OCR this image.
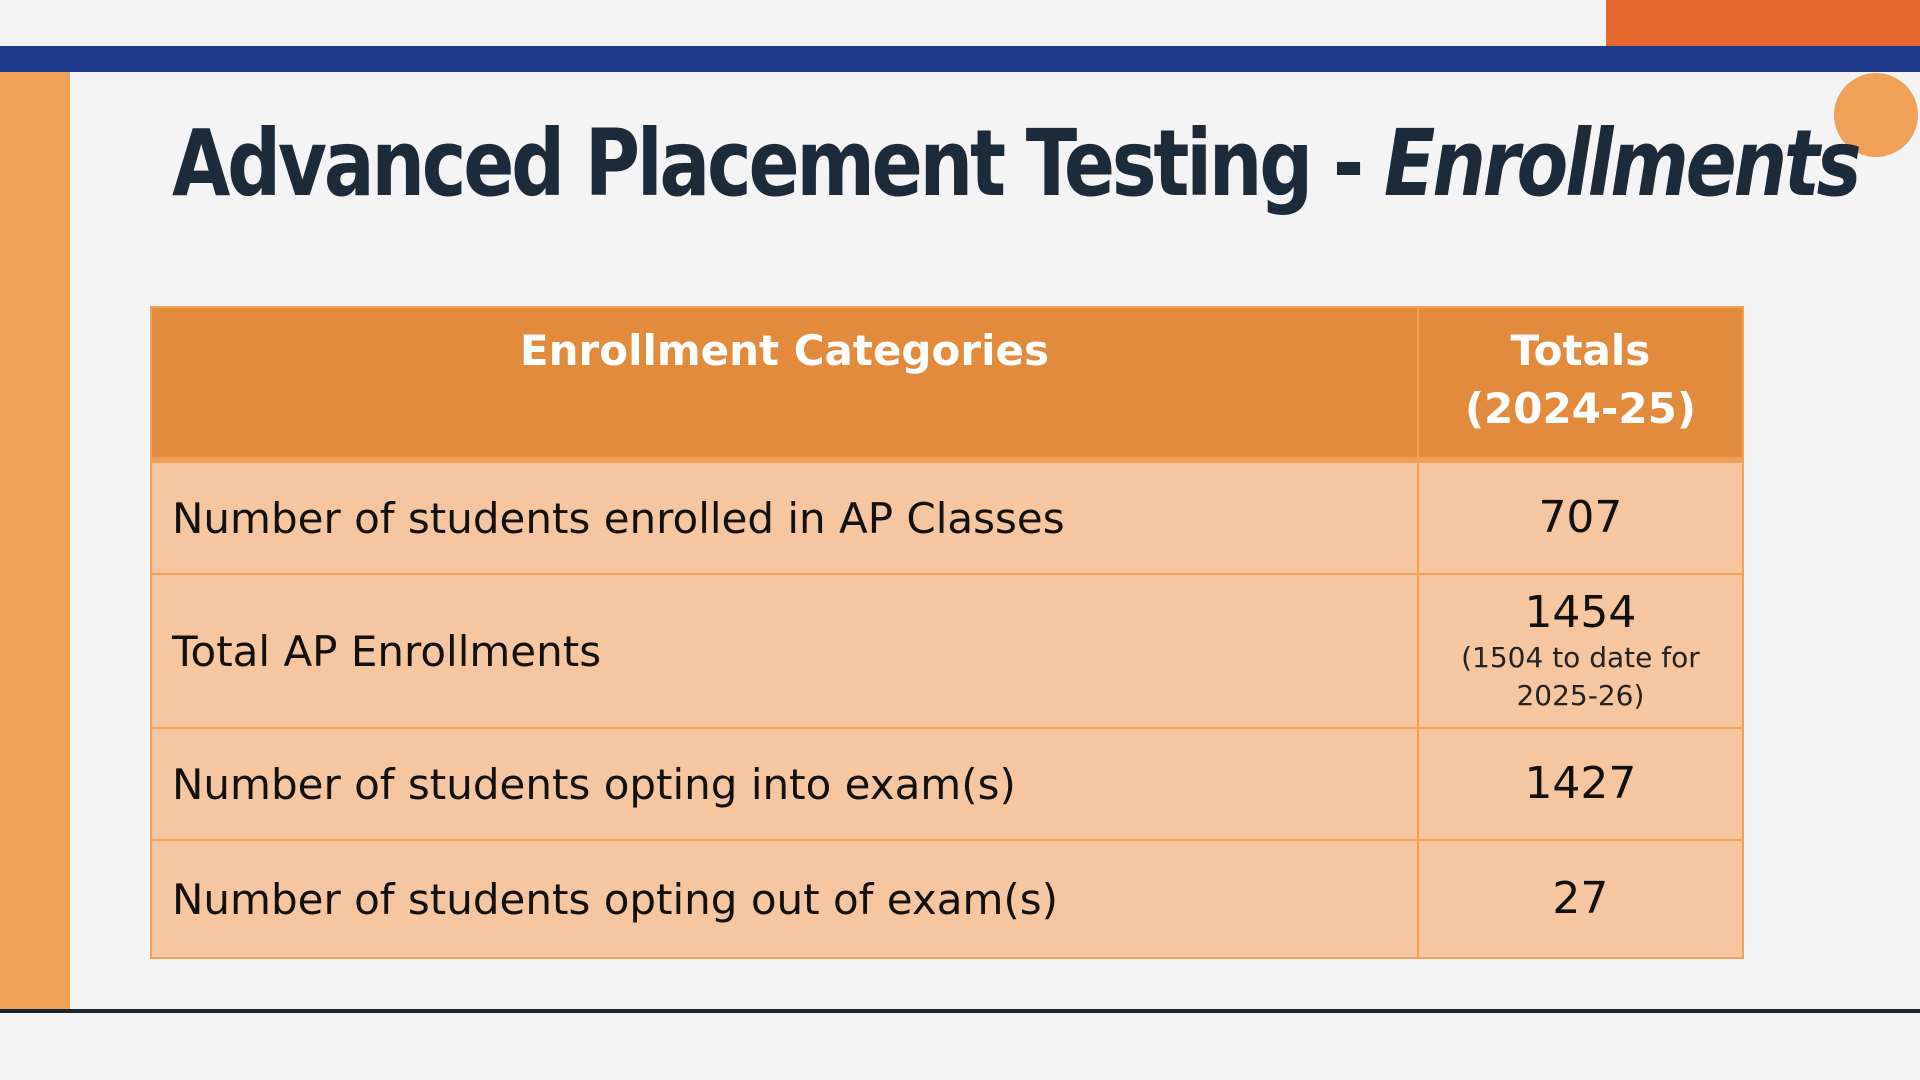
Advanced Placement Testing - Enrollments
Enrollment Categories	Totals
(2024-25)
Number of students enrolled in AP Classes	707

Total AP Enrollments	1454
(1504 to date for
2025-26)

Number of students opting into exam(s)	1427

Number of students opting out of exam(s)	27
